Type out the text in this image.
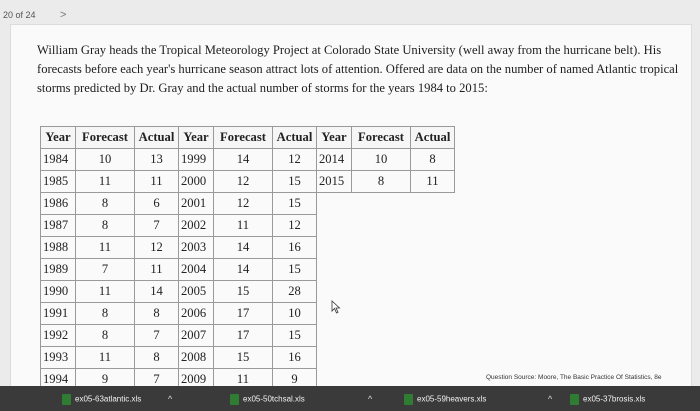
20 of 24 >
William Gray heads the Tropical Meteorology Project at Colorado State University (well away from the hurricane belt). His forecasts before each year's hurricane season attract lots of attention. Offered are data on the number of named Atlantic tropical storms predicted by Dr. Gray and the actual number of storms for the years 1984 to 2015:
Year	Forecast	Actual	Year	Forecast	Actual	Year	Forecast	Actual
1984	10	13	1999	14	12	2014	10	8
1985	11	11	2000	12	15	2015	8	11
1986	8	6	2001	12	15			
1987	8	7	2002	11	12			
1988	11	12	2003	14	16			
1989	7	11	2004	14	15			
1990	11	14	2005	15	28			
1991	8	8	2006	17	10			
1992	8	7	2007	17	15			
1993	11	8	2008	15	16			
1994	9	7	2009	11	9				Question Source: Moore, The Basic Practice Of Statistics, 8e
ex05-63atlantic.xls	^	ex05-50tchsal.xls	^	ex05-59heavers.xls	^	ex05-37brosis.xls
